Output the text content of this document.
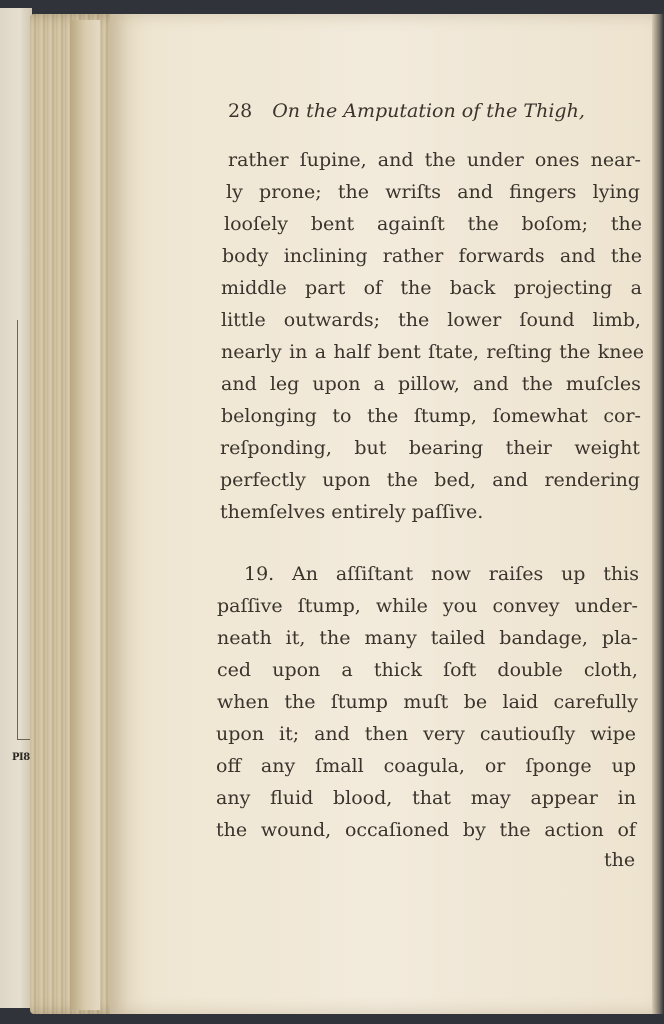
PI8
28 On the Amputation of the Thigh,
rather ſupine, and the under ones near-
ly prone; the wriſts and fingers lying
looſely bent againſt the boſom; the
body inclining rather forwards and the
middle part of the back projecting a
little outwards; the lower ſound limb,
nearly in a half bent ſtate, reſting the knee
and leg upon a pillow, and the muſcles
belonging to the ſtump, ſomewhat cor-
reſponding, but bearing their weight
perfectly upon the bed, and rendering
themſelves entirely paſſive.
19. An aſſiſtant now raiſes up this
paſſive ſtump, while you convey under-
neath it, the many tailed bandage, pla-
ced upon a thick ſoft double cloth,
when the ſtump muſt be laid carefully
upon it; and then very cautiouſly wipe
off any ſmall coagula, or ſponge up
any fluid blood, that may appear in
the wound, occaſioned by the action of
the
